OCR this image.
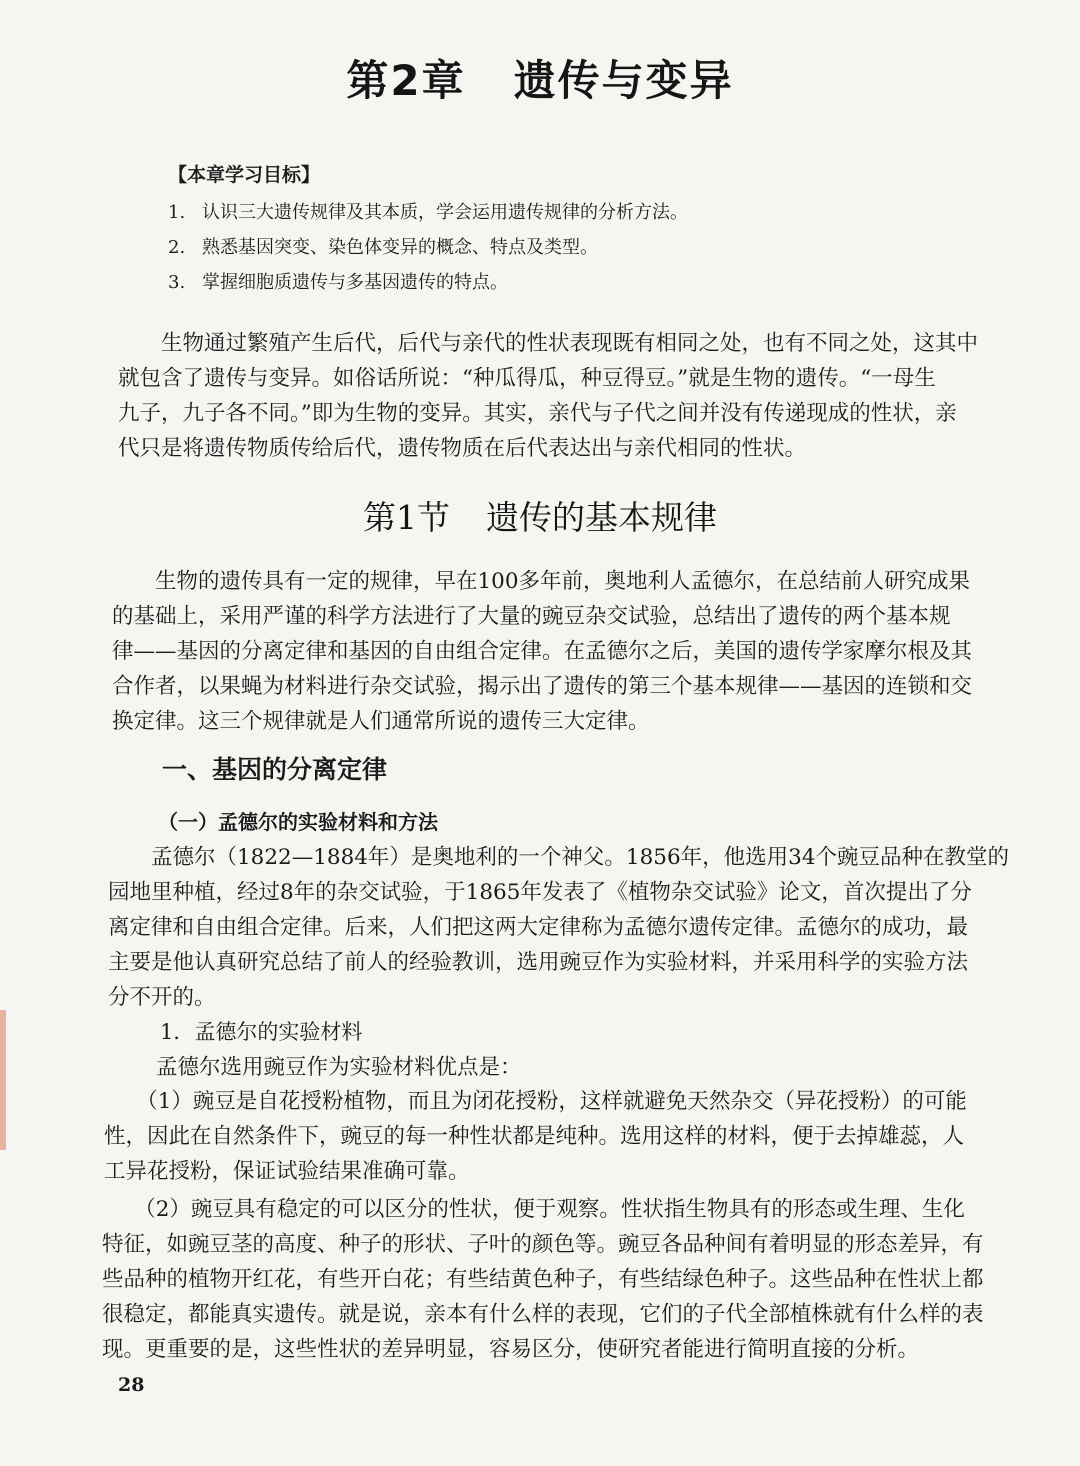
第2章 遗传与变异
【本章学习目标】
1. 认识三大遗传规律及其本质，学会运用遗传规律的分析方法。
2. 熟悉基因突变、染色体变异的概念、特点及类型。
3. 掌握细胞质遗传与多基因遗传的特点。
　　生物通过繁殖产生后代，后代与亲代的性状表现既有相同之处，也有不同之处，这其中
就包含了遗传与变异。如俗话所说：“种瓜得瓜，种豆得豆。”就是生物的遗传。“一母生
九子，九子各不同。”即为生物的变异。其实，亲代与子代之间并没有传递现成的性状，亲
代只是将遗传物质传给后代，遗传物质在后代表达出与亲代相同的性状。
第1节 遗传的基本规律
　　生物的遗传具有一定的规律，早在100多年前，奥地利人孟德尔，在总结前人研究成果
的基础上，采用严谨的科学方法进行了大量的豌豆杂交试验，总结出了遗传的两个基本规
律——基因的分离定律和基因的自由组合定律。在孟德尔之后，美国的遗传学家摩尔根及其
合作者，以果蝇为材料进行杂交试验，揭示出了遗传的第三个基本规律——基因的连锁和交
换定律。这三个规律就是人们通常所说的遗传三大定律。
一、基因的分离定律
（一）孟德尔的实验材料和方法
　　孟德尔（1822—1884年）是奥地利的一个神父。1856年，他选用34个豌豆品种在教堂的
园地里种植，经过8年的杂交试验，于1865年发表了《植物杂交试验》论文，首次提出了分
离定律和自由组合定律。后来，人们把这两大定律称为孟德尔遗传定律。孟德尔的成功，最
主要是他认真研究总结了前人的经验教训，选用豌豆作为实验材料，并采用科学的实验方法
分不开的。
1．孟德尔的实验材料
孟德尔选用豌豆作为实验材料优点是：
　　（1）豌豆是自花授粉植物，而且为闭花授粉，这样就避免天然杂交（异花授粉）的可能
性，因此在自然条件下，豌豆的每一种性状都是纯种。选用这样的材料，便于去掉雄蕊，人
工异花授粉，保证试验结果准确可靠。
　　（2）豌豆具有稳定的可以区分的性状，便于观察。性状指生物具有的形态或生理、生化
特征，如豌豆茎的高度、种子的形状、子叶的颜色等。豌豆各品种间有着明显的形态差异，有
些品种的植物开红花，有些开白花；有些结黄色种子，有些结绿色种子。这些品种在性状上都
很稳定，都能真实遗传。就是说，亲本有什么样的表现，它们的子代全部植株就有什么样的表
现。更重要的是，这些性状的差异明显，容易区分，使研究者能进行简明直接的分析。
28
